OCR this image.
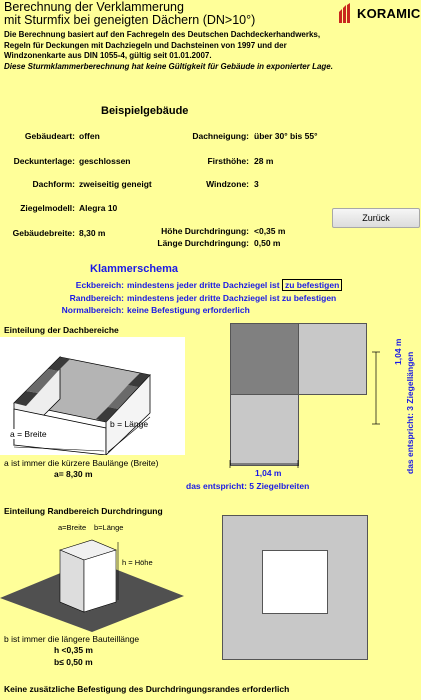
Berechnung der Verklammerung
mit Sturmfix bei geneigten Dächern (DN>10°)	KORAMIC
Die Berechnung basiert auf den Fachregeln des Deutschen Dachdeckerhandwerks,
Regeln für Deckungen mit Dachziegeln und Dachsteinen von 1997 und der
Windzonenkarte aus DIN 1055-4, gültig seit 01.01.2007.
Diese Sturmklammerberechnung hat keine Gültigkeit für Gebäude in exponierter Lage.
Beispielgebäude
Gebäudeart: offen	Dachneigung: über 30° bis 55°
Deckunterlage: geschlossen	Firsthöhe: 28 m
Dachform: zweiseitig geneigt	Windzone: 3
Ziegelmodell: Alegra 10
Gebäudebreite: 8,30 m	Höhe Durchdringung: <0,35 m
Länge Durchdringung: 0,50 m
Zurück
Klammerschema
Eckbereich: mindestens jeder dritte Dachziegel ist zu befestigen
Randbereich: mindestens jeder dritte Dachziegel ist zu befestigen
Normalbereich: keine Befestigung erforderlich
Einteilung der Dachbereiche
a = Breite
b = Länge
a ist immer die kürzere Baulänge (Breite)
a= 8,30 m
1,04 m das entspricht: 3 Ziegellängen
1,04 m
das entspricht: 5 Ziegelbreiten
Einteilung Randbereich Durchdringung
a=Breite b=Länge
h = Höhe
b ist immer die längere Bauteillänge
h <0,35 m
b≤ 0,50 m
Keine zusätzliche Befestigung des Durchdringungsrandes erforderlich
